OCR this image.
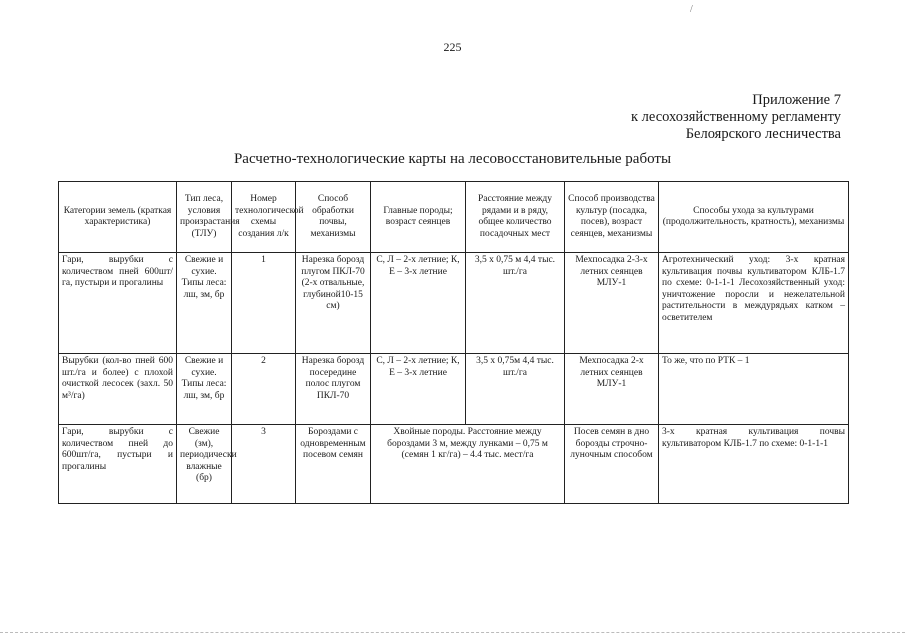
/
225
Приложение 7
к лесохозяйственному регламенту
Белоярского лесничества
Расчетно-технологические карты на лесовосстановительные работы
Категории земель (краткая характеристика)	Тип леса, условия произрастания (ТЛУ)	Номер технологической схемы создания л/к	Способ обработки почвы, механизмы	Главные породы; возраст сеянцев	Расстояние между рядами и в ряду, общее количество посадочных мест	Способ производства культур (посадка, посев), возраст сеянцев, механизмы	Способы ухода за культурами (продолжительность, кратность), механизмы
Гари, вырубки с количеством пней 600шт/га, пустыри и прогалины	Свежие и сухие. Типы леса: лш, зм, бр	1	Нарезка борозд плугом ПКЛ-70 (2-х отвальные, глубиной10-15 см)	С, Л – 2-х летние; К, Е – 3-х летние	3,5 х 0,75 м 4,4 тыс. шт./га	Мехпосадка 2-3-х летних сеянцев МЛУ-1	Агротехнический уход: 3-х кратная культивация почвы культиватором КЛБ-1.7 по схеме: 0-1-1-1 Лесохозяйственный уход: уничтожение поросли и нежелательной растительности в междурядьях катком – осветителем
Вырубки (кол-во пней 600 шт./га и более) с плохой очисткой лесосек (захл. 50 м³/га)	Свежие и сухие. Типы леса: лш, зм, бр	2	Нарезка борозд посередине полос плугом ПКЛ-70	С, Л – 2-х летние; К, Е – 3-х летние	3,5 х 0,75м 4,4 тыс. шт./га	Мехпосадка 2-х летних сеянцев МЛУ-1	То же, что по РТК – 1
Гари, вырубки с количеством пней до 600шт/га, пустыри и прогалины	Свежие (зм), периодически влажные (бр)	3	Бороздами с одновременным посевом семян	Хвойные породы. Расстояние между бороздами 3 м, между лунками – 0,75 м (семян 1 кг/га) – 4.4 тыс. мест/га		Посев семян в дно борозды строчно-луночным способом	3-х кратная культивация почвы культиватором КЛБ-1.7 по схеме: 0-1-1-1
